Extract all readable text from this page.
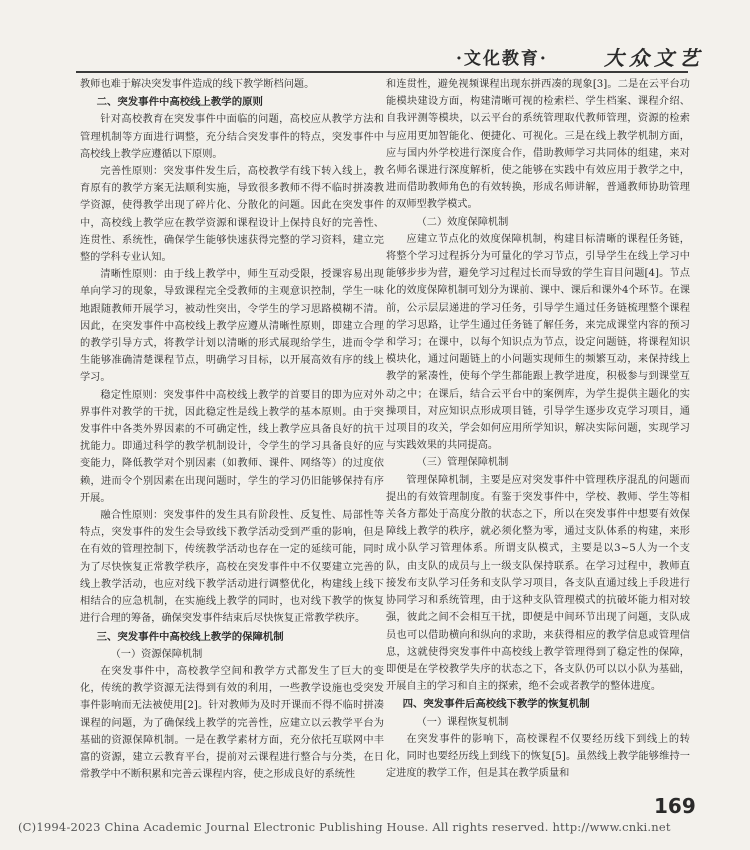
·文化教育·	大众文艺

教师也难于解决突发事件造成的线下教学断档问题。

二、突发事件中高校线上教学的原则

针对高校教育在突发事件中面临的问题，高校应从教学方法和管理机制等方面进行调整，充分结合突发事件的特点，突发事件中高校线上教学应遵循以下原则。

完善性原则：突发事件发生后，高校教学有线下转入线上，教育原有的教学方案无法顺利实施，导致很多教师不得不临时拼凑教学资源，使得教学出现了碎片化、分散化的问题。因此在突发事件中，高校线上教学应在教学资源和课程设计上保持良好的完善性、连贯性、系统性，确保学生能够快速获得完整的学习资料，建立完整的学科专业认知。

清晰性原则：由于线上教学中，师生互动受限，授课容易出现单向学习的现象，导致课程完全受教师的主观意识控制，学生一味地跟随教师开展学习，被动性突出，令学生的学习思路模糊不清。因此，在突发事件中高校线上教学应遵从清晰性原则，即建立合理的教学引导方式，将教学计划以清晰的形式展现给学生，进而令学生能够准确清楚课程节点，明确学习目标，以开展高效有序的线上学习。

稳定性原则：突发事件中高校线上教学的首要目的即为应对外界事件对教学的干扰，因此稳定性是线上教学的基本原则。由于突发事件中各类外界因素的不可确定性，线上教学应具备良好的抗干扰能力。即通过科学的教学机制设计，令学生的学习具备良好的应变能力，降低教学对个别因素（如教师、课件、网络等）的过度依赖，进而令个别因素在出现问题时，学生的学习仍旧能够保持有序开展。

融合性原则：突发事件的发生具有阶段性、反复性、局部性等特点，突发事件的发生会导致线下教学活动受到严重的影响，但是在有效的管理控制下，传统教学活动也存在一定的延续可能，同时为了尽快恢复正常教学秩序，高校在突发事件中不仅要建立完善的线上教学活动，也应对线下教学活动进行调整优化，构建线上线下相结合的应急机制，在实施线上教学的同时，也对线下教学的恢复进行合理的筹备，确保突发事件结束后尽快恢复正常教学秩序。

三、突发事件中高校线上教学的保障机制
（一）资源保障机制

在突发事件中，高校教学空间和教学方式都发生了巨大的变化，传统的教学资源无法得到有效的利用，一些教学设施也受突发事件影响而无法被使用[2]。针对教师为及时开课而不得不临时拼凑课程的问题，为了确保线上教学的完善性，应建立以云教学平台为基础的资源保障机制。一是在教学素材方面，充分依托互联网中丰富的资源，建立云教育平台，提前对云课程进行整合与分类，在日常教学中不断积累和完善云课程内容，使之形成良好的系统性

和连贯性，避免视频课程出现东拼西凑的现象[3]。二是在云平台功能模块建设方面，构建清晰可视的检索栏、学生档案、课程介绍、自我评测等模块，以云平台的系统管理取代教师管理，资源的检索与应用更加智能化、便捷化、可视化。三是在线上教学机制方面，应与国内外学校进行深度合作，借助教师学习共同体的组建，来对名师名课进行深度解析，使之能够在实践中有效应用于教学之中，进而借助教师角色的有效转换，形成名师讲解，普通教师协助管理的双师型教学模式。

（二）效度保障机制

应建立节点化的效度保障机制，构建目标清晰的课程任务链，将整个学习过程拆分为可量化的学习节点，引导学生在线上学习中能够步步为营，避免学习过程过长而导致的学生盲目问题[4]。节点化的效度保障机制可划分为课前、课中、课后和课外4个环节。在课前，公示层层递进的学习任务，引导学生通过任务链梳理整个课程的学习思路，让学生通过任务链了解任务，来完成课堂内容的预习和学习；在课中，以每个知识点为节点，设定问题链，将课程知识模块化，通过问题链上的小问题实现师生的频繁互动，来保持线上教学的紧凑性，使每个学生都能跟上教学进度，积极参与到课堂互动之中；在课后，结合云平台中的案例库，为学生提供主题化的实操项目，对应知识点形成项目链，引导学生逐步攻克学习项目，通过项目的攻关，学会如何应用所学知识，解决实际问题，实现学习与实践效果的共同提高。

（三）管理保障机制

管理保障机制，主要是应对突发事件中管理秩序混乱的问题而提出的有效管理制度。有鉴于突发事件中，学校、教师、学生等相关各方都处于高度分散的状态之下，所以在突发事件中想要有效保障线上教学的秩序，就必须化整为零，通过支队体系的构建，来形成小队学习管理体系。所谓支队模式，主要是以3~5人为一个支队，由支队的成员与上一级支队保持联系。在学习过程中，教师直接发布支队学习任务和支队学习项目，各支队直通过线上手段进行协同学习和系统管理，由于这种支队管理模式的抗破坏能力相对较强，彼此之间不会相互干扰，即便是中间环节出现了问题，支队成员也可以借助横向和纵向的求助，来获得相应的教学信息或管理信息，这就使得突发事件中高校线上教学管理得到了稳定性的保障，即便是在学校教学失序的状态之下，各支队仍可以以小队为基础，开展自主的学习和自主的探索，绝不会或者教学的整体进度。

四、突发事件后高校线下教学的恢复机制
（一）课程恢复机制

在突发事件的影响下，高校课程不仅要经历线下到线上的转化，同时也要经历线上到线下的恢复[5]。虽然线上教学能够维持一定进度的教学工作，但是其在教学质量和

169
(C)1994-2023 China Academic Journal Electronic Publishing House. All rights reserved. http://www.cnki.net
